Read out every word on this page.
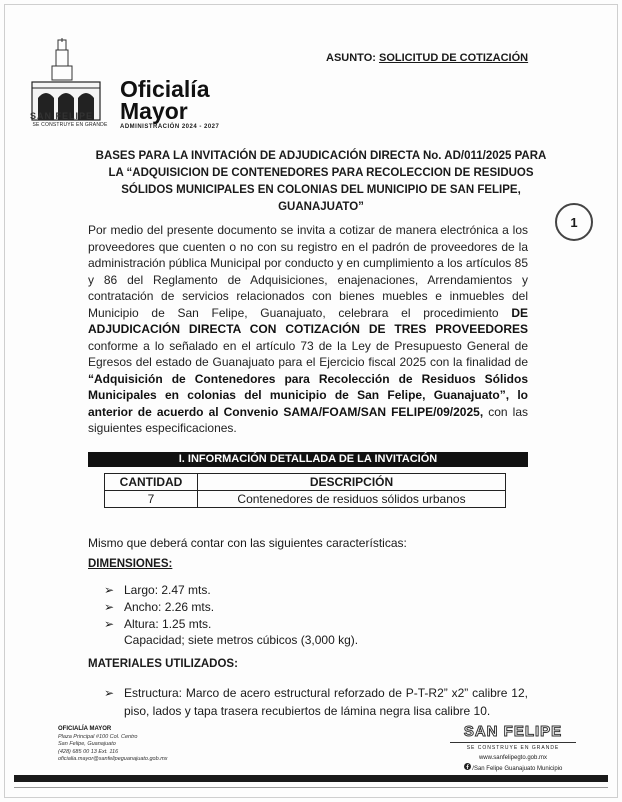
SAN FELIPE
SE CONSTRUYE EN GRANDE
Oficialía
Mayor
ADMINISTRACIÓN 2024 - 2027
ASUNTO: SOLICITUD DE COTIZACIÓN
BASES PARA LA INVITACIÓN DE ADJUDICACIÓN DIRECTA No. AD/011/2025 PARA LA “ADQUISICION DE CONTENEDORES PARA RECOLECCION DE RESIDUOS SÓLIDOS MUNICIPALES EN COLONIAS DEL MUNICIPIO DE SAN FELIPE, GUANAJUATO”
1
Por medio del presente documento se invita a cotizar de manera electrónica a los proveedores que cuenten o no con su registro en el padrón de proveedores de la administración pública Municipal por conducto y en cumplimiento a los artículos 85 y 86 del Reglamento de Adquisiciones, enajenaciones, Arrendamientos y contratación de servicios relacionados con bienes muebles e inmuebles del Municipio de San Felipe, Guanajuato, celebrara el procedimiento DE ADJUDICACIÓN DIRECTA CON COTIZACIÓN DE TRES PROVEEDORES conforme a lo señalado en el artículo 73 de la Ley de Presupuesto General de Egresos del estado de Guanajuato para el Ejercicio fiscal 2025 con la finalidad de “Adquisición de Contenedores para Recolección de Residuos Sólidos Municipales en colonias del municipio de San Felipe, Guanajuato”, lo anterior de acuerdo al Convenio SAMA/FOAM/SAN FELIPE/09/2025, con las siguientes especificaciones.
I. INFORMACIÓN DETALLADA DE LA INVITACIÓN
CANTIDAD	DESCRIPCIÓN
7	Contenedores de residuos sólidos urbanos
Mismo que deberá contar con las siguientes características:
DIMENSIONES:
➢ Largo: 2.47 mts.
➢ Ancho: 2.26 mts.
➢ Altura: 1.25 mts.
Capacidad; siete metros cúbicos (3,000 kg).
MATERIALES UTILIZADOS:
➢ Estructura: Marco de acero estructural reforzado de P-T-R2” x2” calibre 12, piso, lados y tapa trasera recubiertos de lámina negra lisa calibre 10.
OFICIALÍA MAYOR
Plaza Principal #100 Col. Centro
San Felipe, Guanajuato
(428) 685 00 13 Ext. 116
oficialia.mayor@sanfelipeguanajuato.gob.mx
SAN FELIPE
SE CONSTRUYE EN GRANDE
www.sanfelipegto.gob.mx
/San Felipe Guanajuato Municipio
